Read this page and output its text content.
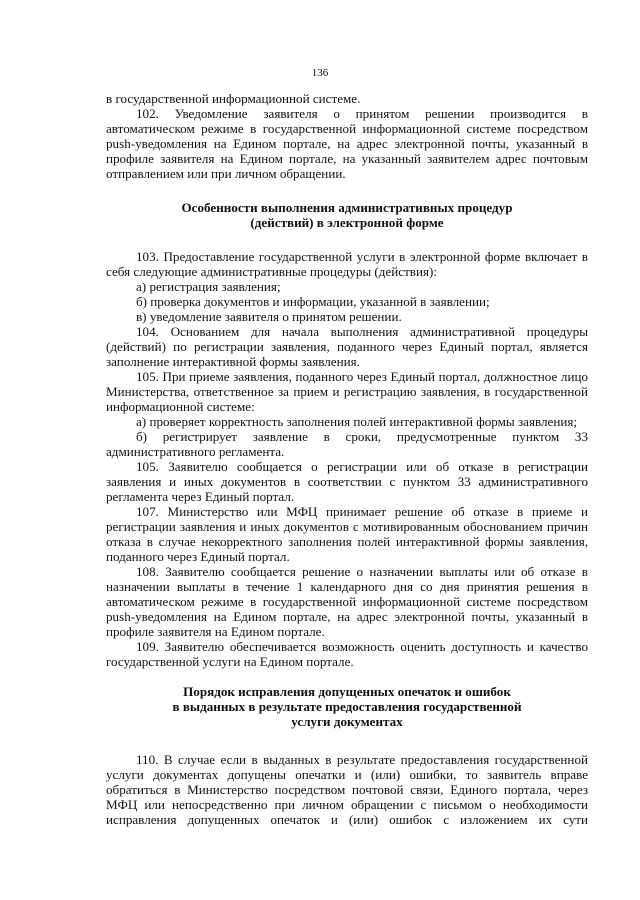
136

в государственной информационной системе.

102. Уведомление заявителя о принятом решении производится в автоматическом режиме в государственной информационной системе посредством push-уведомления на Едином портале, на адрес электронной почты, указанный в профиле заявителя на Едином портале, на указанный заявителем адрес почтовым отправлением или при личном обращении.

Особенности выполнения административных процедур
(действий) в электронной форме

103. Предоставление государственной услуги в электронной форме включает в себя следующие административные процедуры (действия):

а) регистрация заявления;

б) проверка документов и информации, указанной в заявлении;

в) уведомление заявителя о принятом решении.

104. Основанием для начала выполнения административной процедуры (действий) по регистрации заявления, поданного через Единый портал, является заполнение интерактивной формы заявления.

105. При приеме заявления, поданного через Единый портал, должностное лицо Министерства, ответственное за прием и регистрацию заявления, в государственной информационной системе:

а) проверяет корректность заполнения полей интерактивной формы заявления;

б) регистрирует заявление в сроки, предусмотренные пунктом 33 административного регламента.

105. Заявителю сообщается о регистрации или об отказе в регистрации заявления и иных документов в соответствии с пунктом 33 административного регламента через Единый портал.

107. Министерство или МФЦ принимает решение об отказе в приеме и регистрации заявления и иных документов с мотивированным обоснованием причин отказа в случае некорректного заполнения полей интерактивной формы заявления, поданного через Единый портал.

108. Заявителю сообщается решение о назначении выплаты или об отказе в назначении выплаты в течение 1 календарного дня со дня принятия решения в автоматическом режиме в государственной информационной системе посредством push-уведомления на Едином портале, на адрес электронной почты, указанный в профиле заявителя на Едином портале.

109. Заявителю обеспечивается возможность оценить доступность и качество государственной услуги на Едином портале.

Порядок исправления допущенных опечаток и ошибок
в выданных в результате предоставления государственной
услуги документах

110. В случае если в выданных в результате предоставления государственной услуги документах допущены опечатки и (или) ошибки, то заявитель вправе обратиться в Министерство посредством почтовой связи, Единого портала, через МФЦ или непосредственно при личном обращении с письмом о необходимости исправления допущенных опечаток и (или) ошибок с изложением их сути
